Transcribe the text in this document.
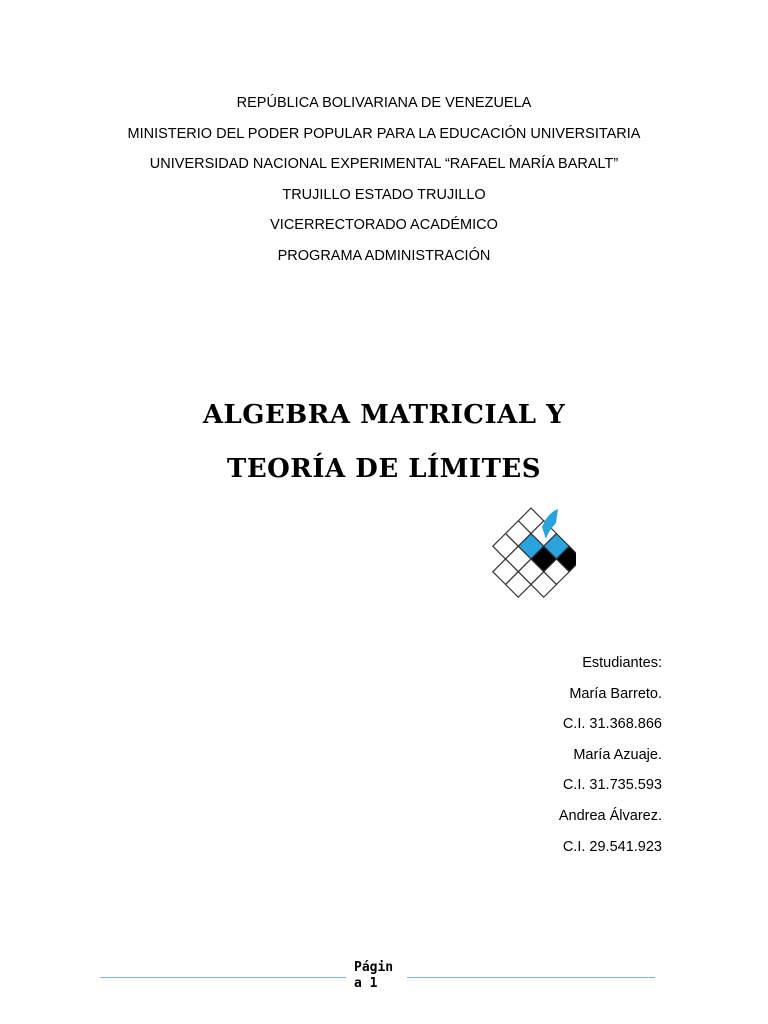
REPÚBLICA BOLIVARIANA DE VENEZUELA
MINISTERIO DEL PODER POPULAR PARA LA EDUCACIÓN UNIVERSITARIA
UNIVERSIDAD NACIONAL EXPERIMENTAL “RAFAEL MARÍA BARALT”
TRUJILLO ESTADO TRUJILLO
VICERRECTORADO ACADÉMICO
PROGRAMA ADMINISTRACIÓN
ALGEBRA MATRICIAL Y
TEORÍA DE LÍMITES
Estudiantes:
María Barreto.
C.I. 31.368.866
María Azuaje.
C.I. 31.735.593
Andrea Álvarez.
C.I. 29.541.923
Págin
a 1
